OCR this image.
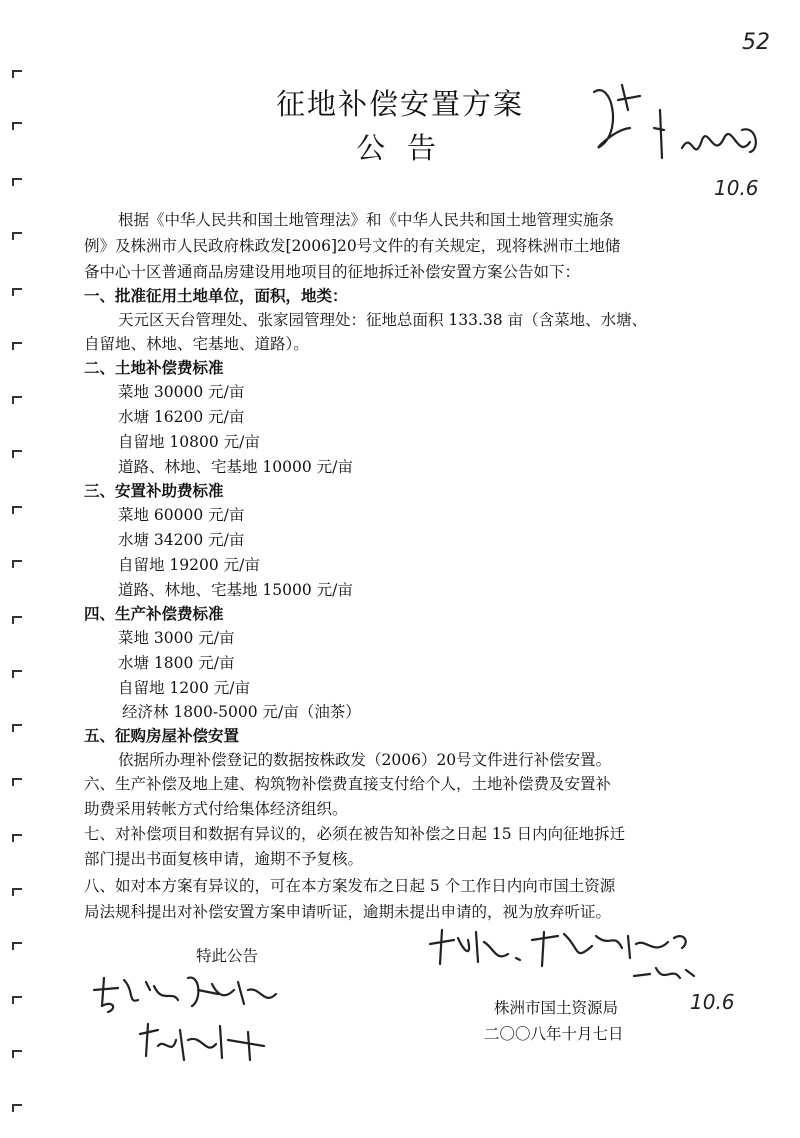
52
征地补偿安置方案
公告
10.6
根据《中华人民共和国土地管理法》和《中华人民共和国土地管理实施条
例》及株洲市人民政府株政发[2006]20号文件的有关规定，现将株洲市土地储
备中心十区普通商品房建设用地项目的征地拆迁补偿安置方案公告如下：
一、批准征用土地单位，面积，地类：
天元区天台管理处、张家园管理处：征地总面积 133.38 亩（含菜地、水塘、
自留地、林地、宅基地、道路）。
二、土地补偿费标准
菜地 30000 元/亩
水塘 16200 元/亩
自留地 10800 元/亩
道路、林地、宅基地 10000 元/亩
三、安置补助费标准
菜地 60000 元/亩
水塘 34200 元/亩
自留地 19200 元/亩
道路、林地、宅基地 15000 元/亩
四、生产补偿费标准
菜地 3000 元/亩
水塘 1800 元/亩
自留地 1200 元/亩
经济林 1800-5000 元/亩（油茶）
五、征购房屋补偿安置
依据所办理补偿登记的数据按株政发（2006）20号文件进行补偿安置。
六、生产补偿及地上建、构筑物补偿费直接支付给个人，土地补偿费及安置补
助费采用转帐方式付给集体经济组织。
七、对补偿项目和数据有异议的，必须在被告知补偿之日起 15 日内向征地拆迁
部门提出书面复核申请，逾期不予复核。
八、如对本方案有异议的，可在本方案发布之日起 5 个工作日内向市国土资源
局法规科提出对补偿安置方案申请听证，逾期未提出申请的，视为放弃听证。
特此公告
10.6
株洲市国土资源局
二〇〇八年十月七日
